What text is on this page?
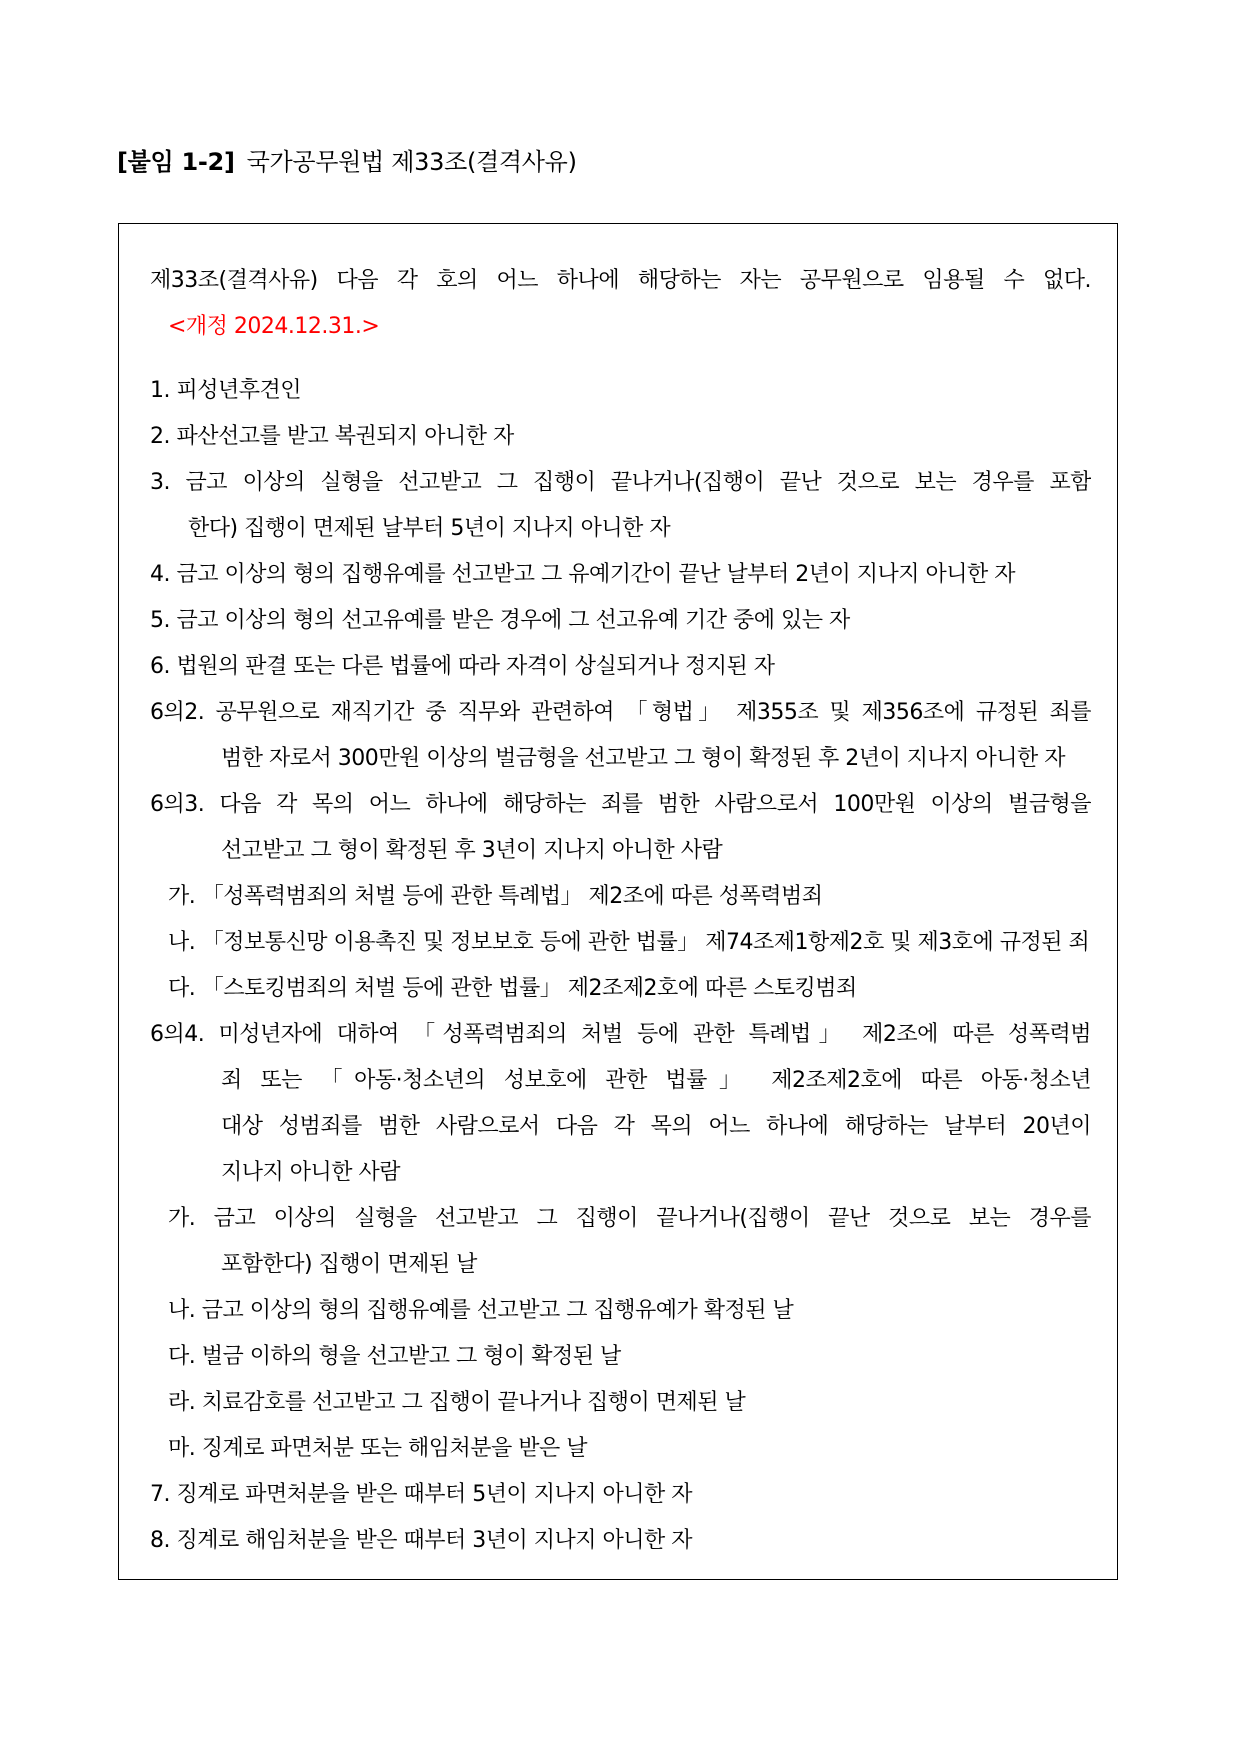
[붙임 1-2] 국가공무원법 제33조(결격사유)
제33조(결격사유) 다음 각 호의 어느 하나에 해당하는 자는 공무원으로 임용될 수 없다.
<개정 2024.12.31.>
1. 피성년후견인
2. 파산선고를 받고 복권되지 아니한 자
3. 금고 이상의 실형을 선고받고 그 집행이 끝나거나(집행이 끝난 것으로 보는 경우를 포함
한다) 집행이 면제된 날부터 5년이 지나지 아니한 자
4. 금고 이상의 형의 집행유예를 선고받고 그 유예기간이 끝난 날부터 2년이 지나지 아니한 자
5. 금고 이상의 형의 선고유예를 받은 경우에 그 선고유예 기간 중에 있는 자
6. 법원의 판결 또는 다른 법률에 따라 자격이 상실되거나 정지된 자
6의2. 공무원으로 재직기간 중 직무와 관련하여 「형법」 제355조 및 제356조에 규정된 죄를
범한 자로서 300만원 이상의 벌금형을 선고받고 그 형이 확정된 후 2년이 지나지 아니한 자
6의3. 다음 각 목의 어느 하나에 해당하는 죄를 범한 사람으로서 100만원 이상의 벌금형을
선고받고 그 형이 확정된 후 3년이 지나지 아니한 사람
가. 「성폭력범죄의 처벌 등에 관한 특례법」 제2조에 따른 성폭력범죄
나. 「정보통신망 이용촉진 및 정보보호 등에 관한 법률」 제74조제1항제2호 및 제3호에 규정된 죄
다. 「스토킹범죄의 처벌 등에 관한 법률」 제2조제2호에 따른 스토킹범죄
6의4. 미성년자에 대하여 「성폭력범죄의 처벌 등에 관한 특례법」 제2조에 따른 성폭력범
죄 또는 「아동·청소년의 성보호에 관한 법률」 제2조제2호에 따른 아동·청소년
대상 성범죄를 범한 사람으로서 다음 각 목의 어느 하나에 해당하는 날부터 20년이
지나지 아니한 사람
가. 금고 이상의 실형을 선고받고 그 집행이 끝나거나(집행이 끝난 것으로 보는 경우를
포함한다) 집행이 면제된 날
나. 금고 이상의 형의 집행유예를 선고받고 그 집행유예가 확정된 날
다. 벌금 이하의 형을 선고받고 그 형이 확정된 날
라. 치료감호를 선고받고 그 집행이 끝나거나 집행이 면제된 날
마. 징계로 파면처분 또는 해임처분을 받은 날
7. 징계로 파면처분을 받은 때부터 5년이 지나지 아니한 자
8. 징계로 해임처분을 받은 때부터 3년이 지나지 아니한 자
